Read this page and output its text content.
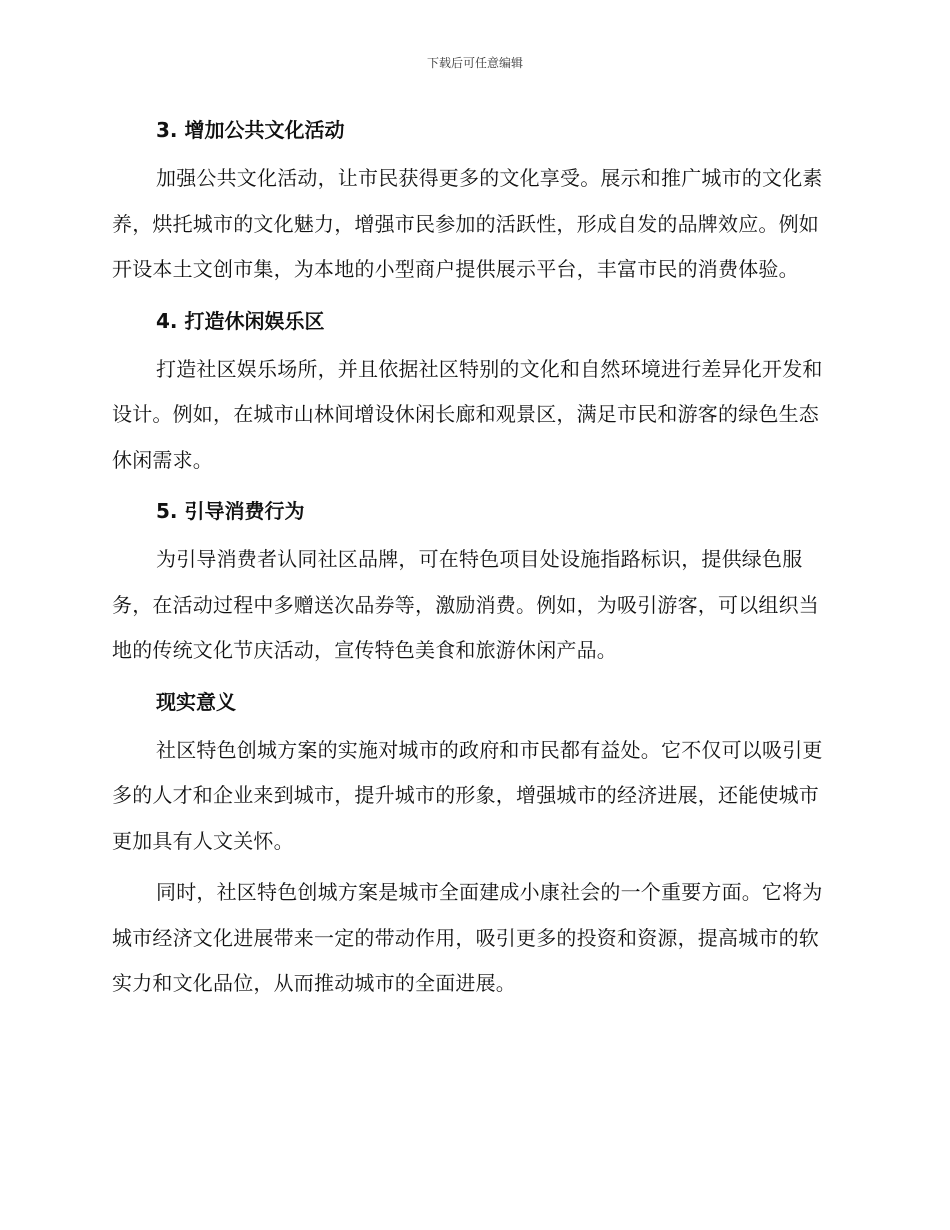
下载后可任意编辑
3. 增加公共文化活动

加强公共文化活动，让市民获得更多的文化享受。展示和推广城市的文化素养，烘托城市的文化魅力，增强市民参加的活跃性，形成自发的品牌效应。例如开设本土文创市集，为本地的小型商户提供展示平台，丰富市民的消费体验。

4. 打造休闲娱乐区

打造社区娱乐场所，并且依据社区特别的文化和自然环境进行差异化开发和设计。例如，在城市山林间增设休闲长廊和观景区，满足市民和游客的绿色生态休闲需求。

5. 引导消费行为

为引导消费者认同社区品牌，可在特色项目处设施指路标识，提供绿色服务，在活动过程中多赠送次品券等，激励消费。例如，为吸引游客，可以组织当地的传统文化节庆活动，宣传特色美食和旅游休闲产品。

现实意义

社区特色创城方案的实施对城市的政府和市民都有益处。它不仅可以吸引更多的人才和企业来到城市，提升城市的形象，增强城市的经济进展，还能使城市更加具有人文关怀。

同时，社区特色创城方案是城市全面建成小康社会的一个重要方面。它将为城市经济文化进展带来一定的带动作用，吸引更多的投资和资源，提高城市的软实力和文化品位，从而推动城市的全面进展。
